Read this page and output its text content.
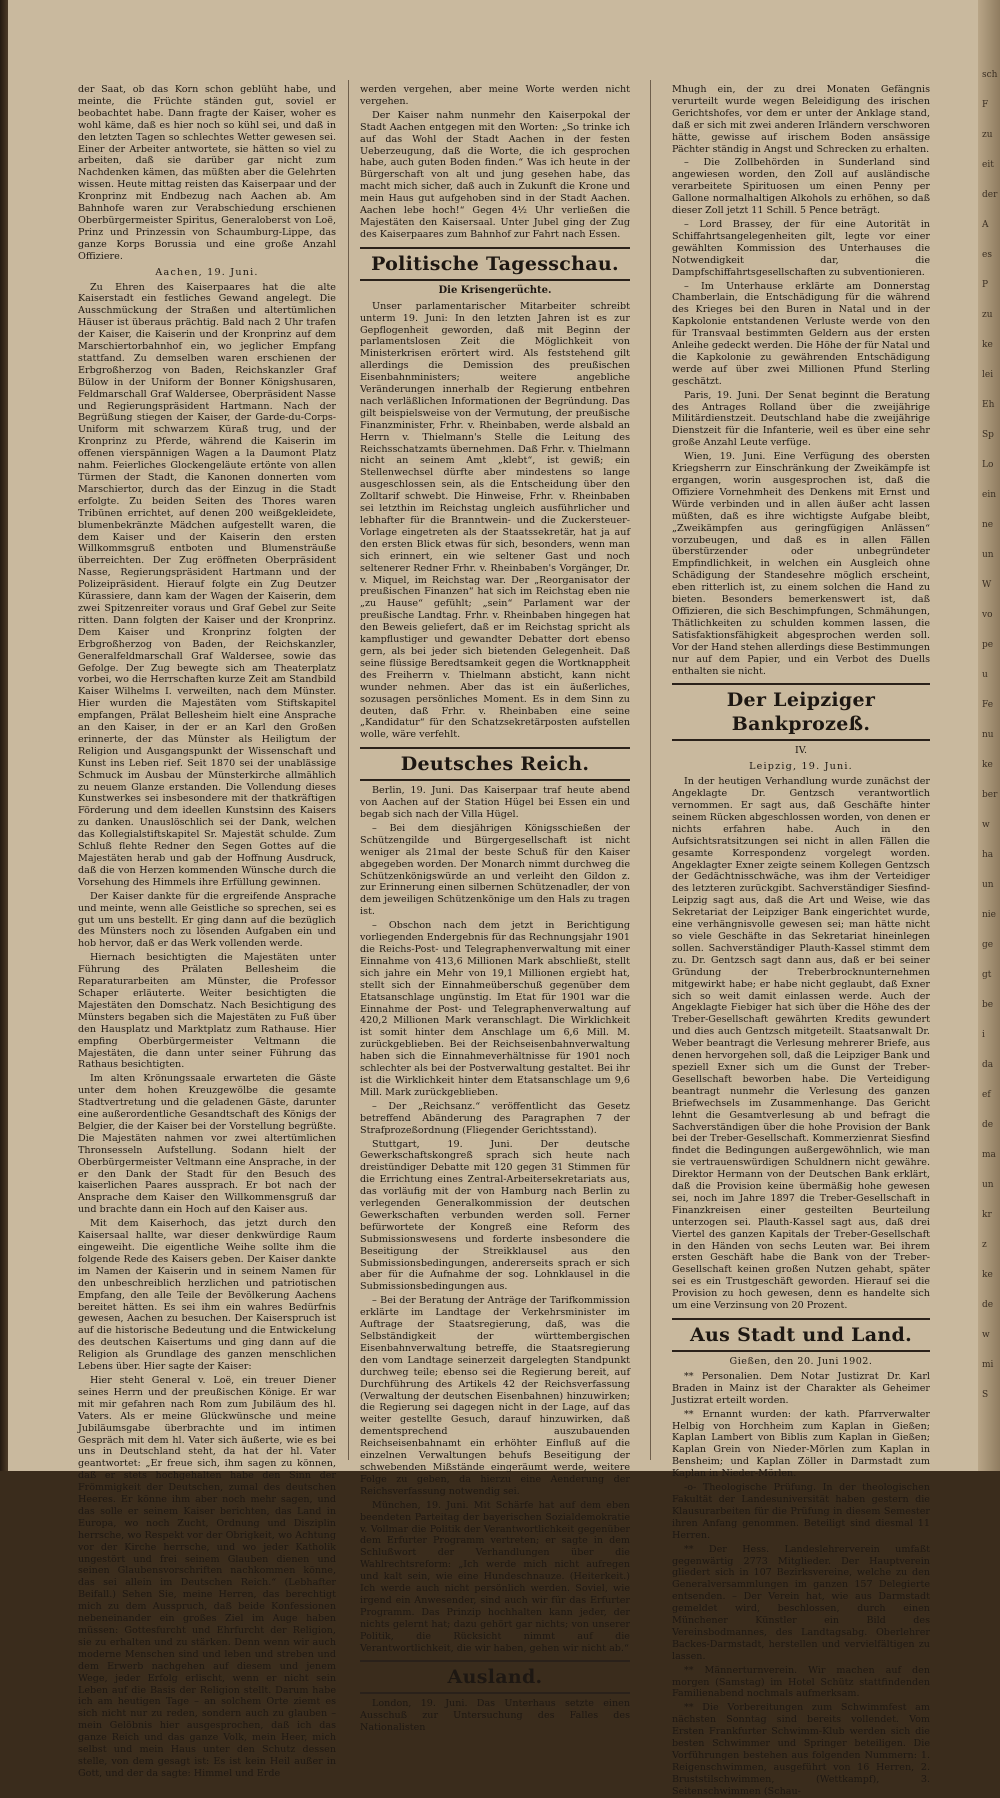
der Saat, ob das Korn schon geblüht habe, und meinte, die Früchte ständen gut, soviel er beobachtet habe. Dann fragte der Kaiser, woher es wohl käme, daß es hier noch so kühl sei, und daß in den letzten Tagen so schlechtes Wetter gewesen sei. Einer der Arbeiter antwortete, sie hätten so viel zu arbeiten, daß sie darüber gar nicht zum Nachdenken kämen, das müßten aber die Gelehrten wissen. Heute mittag reisten das Kaiserpaar und der Kronprinz mit Endbezug nach Aachen ab. Am Bahnhofe waren zur Verabschiedung erschienen Oberbürgermeister Spiritus, Generaloberst von Loë, Prinz und Prinzessin von Schaumburg-Lippe, das ganze Korps Borussia und eine große Anzahl Offiziere.

Aachen, 19. Juni.

Zu Ehren des Kaiserpaares hat die alte Kaiserstadt ein festliches Gewand angelegt. Die Ausschmückung der Straßen und altertümlichen Häuser ist überaus prächtig. Bald nach 2 Uhr trafen der Kaiser, die Kaiserin und der Kronprinz auf dem Marschiertorbahnhof ein, wo jeglicher Empfang stattfand. Zu demselben waren erschienen der Erbgroßherzog von Baden, Reichskanzler Graf Bülow in der Uniform der Bonner Königshusaren, Feldmarschall Graf Waldersee, Oberpräsident Nasse und Regierungspräsident Hartmann. Nach der Begrüßung stiegen der Kaiser, der Garde-du-Corps-Uniform mit schwarzem Küraß trug, und der Kronprinz zu Pferde, während die Kaiserin im offenen vierspännigen Wagen a la Daumont Platz nahm. Feierliches Glockengeläute ertönte von allen Türmen der Stadt, die Kanonen donnerten vom Marschiertor, durch das der Einzug in die Stadt erfolgte. Zu beiden Seiten des Thores waren Tribünen errichtet, auf denen 200 weißgekleidete, blumenbekränzte Mädchen aufgestellt waren, die dem Kaiser und der Kaiserin den ersten Willkommsgruß entboten und Blumensträuße überreichten. Der Zug eröffneten Oberpräsident Nasse, Regierungspräsident Hartmann und der Polizeipräsident. Hierauf folgte ein Zug Deutzer Kürassiere, dann kam der Wagen der Kaiserin, dem zwei Spitzenreiter voraus und Graf Gebel zur Seite ritten. Dann folgten der Kaiser und der Kronprinz. Dem Kaiser und Kronprinz folgten der Erbgroßherzog von Baden, der Reichskanzler, Generalfeldmarschall Graf Waldersee, sowie das Gefolge. Der Zug bewegte sich am Theaterplatz vorbei, wo die Herrschaften kurze Zeit am Standbild Kaiser Wilhelms I. verweilten, nach dem Münster. Hier wurden die Majestäten vom Stiftskapitel empfangen, Prälat Bellesheim hielt eine Ansprache an den Kaiser, in der er an Karl den Großen erinnerte, der das Münster als Heiligtum der Religion und Ausgangspunkt der Wissenschaft und Kunst ins Leben rief. Seit 1870 sei der unablässige Schmuck im Ausbau der Münsterkirche allmählich zu neuem Glanze erstanden. Die Vollendung dieses Kunstwerkes sei insbesondere mit der thatkräftigen Förderung und dem ideellen Kunstsinn des Kaisers zu danken. Unauslöschlich sei der Dank, welchen das Kollegialstiftskapitel Sr. Majestät schulde. Zum Schluß flehte Redner den Segen Gottes auf die Majestäten herab und gab der Hoffnung Ausdruck, daß die von Herzen kommenden Wünsche durch die Vorsehung des Himmels ihre Erfüllung gewinnen.

Der Kaiser dankte für die ergreifende Ansprache und meinte, wenn alle Geistliche so sprechen, sei es gut um uns bestellt. Er ging dann auf die bezüglich des Münsters noch zu lösenden Aufgaben ein und hob hervor, daß er das Werk vollenden werde.

Hiernach besichtigten die Majestäten unter Führung des Prälaten Bellesheim die Reparaturarbeiten am Münster, die Professor Schaper erläuterte. Weiter besichtigten die Majestäten den Domschatz. Nach Besichtigung des Münsters begaben sich die Majestäten zu Fuß über den Hausplatz und Marktplatz zum Rathause. Hier empfing Oberbürgermeister Veltmann die Majestäten, die dann unter seiner Führung das Rathaus besichtigten.

Im alten Krönungssaale erwarteten die Gäste unter dem hohen Kreuzgewölbe die gesamte Stadtvertretung und die geladenen Gäste, darunter eine außerordentliche Gesandtschaft des Königs der Belgier, die der Kaiser bei der Vorstellung begrüßte. Die Majestäten nahmen vor zwei altertümlichen Thronsesseln Aufstellung. Sodann hielt der Oberbürgermeister Veltmann eine Ansprache, in der er den Dank der Stadt für den Besuch des kaiserlichen Paares aussprach. Er bot nach der Ansprache dem Kaiser den Willkommensgruß dar und brachte dann ein Hoch auf den Kaiser aus.

Mit dem Kaiserhoch, das jetzt durch den Kaisersaal hallte, war dieser denkwürdige Raum eingeweiht. Die eigentliche Weihe sollte ihm die folgende Rede des Kaisers geben. Der Kaiser dankte im Namen der Kaiserin und in seinem Namen für den unbeschreiblich herzlichen und patriotischen Empfang, den alle Teile der Bevölkerung Aachens bereitet hätten. Es sei ihm ein wahres Bedürfnis gewesen, Aachen zu besuchen. Der Kaiserspruch ist auf die historische Bedeutung und die Entwickelung des deutschen Kaisertums und ging dann auf die Religion als Grundlage des ganzen menschlichen Lebens über. Hier sagte der Kaiser:

Hier steht General v. Loë, ein treuer Diener seines Herrn und der preußischen Könige. Er war mit mir gefahren nach Rom zum Jubiläum des hl. Vaters. Als er meine Glückwünsche und meine Jubiläumsgabe überbrachte und im intimen Gespräch mit dem hl. Vater sich äußerte, wie es bei uns in Deutschland steht, da hat der hl. Vater geantwortet: „Er freue sich, ihm sagen zu können, daß er stets hochgehalten habe den Sinn der Frömmigkeit der Deutschen, zumal des deutschen Heeres. Er könne ihm aber noch mehr sagen, und das solle er seinem Kaiser berichten, das Land in Europa, wo noch Zucht, Ordnung und Disziplin herrsche, wo Respekt vor der Obrigkeit, wo Achtung vor der Kirche herrsche, und wo jeder Katholik ungestört und frei seinem Glauben dienen und seinen Glaubensvorschriften nachkommen könne, das sei allein im Deutschen Reich.“ (Lebhafter Beifall.) Sehen Sie, meine Herren, das berechtigt mich zu dem Ausspruch, daß beide Konfessionen nebeneinander ein großes Ziel im Auge haben müssen: Gottesfurcht und Ehrfurcht der Religion, sie zu erhalten und zu stärken. Denn wenn wir auch moderne Menschen sind und leben und streben und dem Erwerb nachgehen auf diesem und jenem Wege, jeder Erfolg erlischt, wenn er nicht sein Leben auf die Basis der Religion stellt. Darum habe ich am heutigen Tage – an solchem Orte ziemt es sich nicht nur zu reden, sondern auch zu glauben – mein Gelöbnis hier ausgesprochen, daß ich das ganze Reich und das ganze Volk, mein Heer, mich selbst und mein Haus unter den Schutz dessen stelle, von dem gesagt ist: Es ist kein Heil außer in Gott, und der da sagte: Himmel und Erde

werden vergehen, aber meine Worte werden nicht vergehen.

Der Kaiser nahm nunmehr den Kaiserpokal der Stadt Aachen entgegen mit den Worten: „So trinke ich auf das Wohl der Stadt Aachen in der festen Ueberzeugung, daß die Worte, die ich gesprochen habe, auch guten Boden finden.“ Was ich heute in der Bürgerschaft von alt und jung gesehen habe, das macht mich sicher, daß auch in Zukunft die Krone und mein Haus gut aufgehoben sind in der Stadt Aachen. Aachen lebe hoch!“ Gegen 4½ Uhr verließen die Majestäten den Kaisersaal. Unter Jubel ging der Zug des Kaiserpaares zum Bahnhof zur Fahrt nach Essen.

Politische Tagesschau.
Die Krisengerüchte.

Unser parlamentarischer Mitarbeiter schreibt unterm 19. Juni: In den letzten Jahren ist es zur Gepflogenheit geworden, daß mit Beginn der parlamentslosen Zeit die Möglichkeit von Ministerkrisen erörtert wird. Als feststehend gilt allerdings die Demission des preußischen Eisenbahnministers; weitere angebliche Veränderungen innerhalb der Regierung entbehren nach verläßlichen Informationen der Begründung. Das gilt beispielsweise von der Vermutung, der preußische Finanzminister, Frhr. v. Rheinbaben, werde alsbald an Herrn v. Thielmann's Stelle die Leitung des Reichsschatzamts übernehmen. Daß Frhr. v. Thielmann nicht an seinem Amt „klebt“, ist gewiß; ein Stellenwechsel dürfte aber mindestens so lange ausgeschlossen sein, als die Entscheidung über den Zolltarif schwebt. Die Hinweise, Frhr. v. Rheinbaben sei letzthin im Reichstag ungleich ausführlicher und lebhafter für die Branntwein- und die Zuckersteuer-Vorlage eingetreten als der Staatssekretär, hat ja auf den ersten Blick etwas für sich, besonders, wenn man sich erinnert, ein wie seltener Gast und noch seltenerer Redner Frhr. v. Rheinbaben's Vorgänger, Dr. v. Miquel, im Reichstag war. Der „Reorganisator der preußischen Finanzen“ hat sich im Reichstag eben nie „zu Hause“ gefühlt; „sein“ Parlament war der preußische Landtag. Frhr. v. Rheinbaben hingegen hat den Beweis geliefert, daß er im Reichstag spricht als kampflustiger und gewandter Debatter dort ebenso gern, als bei jeder sich bietenden Gelegenheit. Daß seine flüssige Beredtsamkeit gegen die Wortknappheit des Freiherrn v. Thielmann absticht, kann nicht wunder nehmen. Aber das ist ein äußerliches, sozusagen persönliches Moment. Es in dem Sinn zu deuten, daß Frhr. v. Rheinbaben eine seine „Kandidatur“ für den Schatzsekretärposten aufstellen wolle, wäre verfehlt.

Deutsches Reich.

Berlin, 19. Juni. Das Kaiserpaar traf heute abend von Aachen auf der Station Hügel bei Essen ein und begab sich nach der Villa Hügel.

– Bei dem diesjährigen Königsschießen der Schützengilde und Bürgergesellschaft ist nicht weniger als 21mal der beste Schuß für den Kaiser abgegeben worden. Der Monarch nimmt durchweg die Schützenkönigswürde an und verleiht den Gildon z. zur Erinnerung einen silbernen Schützenadler, der von dem jeweiligen Schützenkönige um den Hals zu tragen ist.

– Obschon nach dem jetzt in Berichtigung vorliegenden Endergebnis für das Rechnungsjahr 1901 die Reichs-Post- und Telegraphenverwaltung mit einer Einnahme von 413,6 Millionen Mark abschließt, stellt sich jahre ein Mehr von 19,1 Millionen ergiebt hat, stellt sich der Einnahmeüberschuß gegenüber dem Etatsanschlage ungünstig. Im Etat für 1901 war die Einnahme der Post- und Telegraphenverwaltung auf 420,2 Millionen Mark veranschlagt. Die Wirklichkeit ist somit hinter dem Anschlage um 6,6 Mill. M. zurückgeblieben. Bei der Reichseisenbahnverwaltung haben sich die Einnahmeverhältnisse für 1901 noch schlechter als bei der Postverwaltung gestaltet. Bei ihr ist die Wirklichkeit hinter dem Etatsanschlage um 9,6 Mill. Mark zurückgeblieben.

– Der „Reichsanz.“ veröffentlicht das Gesetz betreffend Abänderung des Paragraphen 7 der Strafprozeßordnung (Fliegender Gerichtsstand).

Stuttgart, 19. Juni. Der deutsche Gewerkschaftskongreß sprach sich heute nach dreistündiger Debatte mit 120 gegen 31 Stimmen für die Errichtung eines Zentral-Arbeitersekretariats aus, das vorläufig mit der von Hamburg nach Berlin zu verlegenden Generalkommission der deutschen Gewerkschaften verbunden werden soll. Ferner befürwortete der Kongreß eine Reform des Submissionswesens und forderte insbesondere die Beseitigung der Streikklausel aus den Submissionsbedingungen, andererseits sprach er sich aber für die Aufnahme der sog. Lohnklausel in die Submissionsbedingungen aus.

– Bei der Beratung der Anträge der Tarifkommission erklärte im Landtage der Verkehrsminister im Auftrage der Staatsregierung, daß, was die Selbständigkeit der württembergischen Eisenbahnverwaltung betreffe, die Staatsregierung den vom Landtage seinerzeit dargelegten Standpunkt durchweg teile; ebenso sei die Regierung bereit, auf Durchführung des Artikels 42 der Reichsverfassung (Verwaltung der deutschen Eisenbahnen) hinzuwirken; die Regierung sei dagegen nicht in der Lage, auf das weiter gestellte Gesuch, darauf hinzuwirken, daß dementsprechend auszubauenden Reichseisenbahnamt ein erhöhter Einfluß auf die einzelnen Verwaltungen behufs Beseitigung der schwebenden Mißstände eingeräumt werde, weitere Folge zu geben, da hierzu eine Aenderung der Reichsverfassung notwendig sei.

München, 19. Juni. Mit Schärfe hat auf dem eben beendeten Parteitag der bayerischen Sozialdemokratie v. Vollmar die Politik der Verantwortlichkeit gegenüber dem Erfurter Programm vertreten; er sagte in dem Schlußwort der Verhandlungen über die Wahlrechtsreform: „Ich werde mich nicht aufregen und kalt sein, wie eine Hundeschnauze. (Heiterkeit.) Ich werde auch nicht persönlich werden. Soviel, wie irgend ein Anwesender, sind auch wir für das Erfurter Programm. Das Prinzip hochhalten kann jeder, der nichts gelernt hat; dazu gehört gar nichts; von unserer Politik, die Rücksicht nimmt auf die Verantwortlichkeit, die wir haben, gehen wir nicht ab.“

Ausland.

London, 19. Juni. Das Unterhaus setzte einen Ausschuß zur Untersuchung des Falles des Nationalisten

Mhugh ein, der zu drei Monaten Gefängnis verurteilt wurde wegen Beleidigung des irischen Gerichtshofes, vor dem er unter der Anklage stand, daß er sich mit zwei anderen Irländern verschworen hätte, gewisse auf irischem Boden ansässige Pächter ständig in Angst und Schrecken zu erhalten.

– Die Zollbehörden in Sunderland sind angewiesen worden, den Zoll auf ausländische verarbeitete Spirituosen um einen Penny per Gallone normalhaltigen Alkohols zu erhöhen, so daß dieser Zoll jetzt 11 Schill. 5 Pence beträgt.

– Lord Brassey, der für eine Autorität in Schiffahrtsangelegenheiten gilt, legte vor einer gewählten Kommission des Unterhauses die Notwendigkeit dar, die Dampfschiffahrtsgesellschaften zu subventionieren.

– Im Unterhause erklärte am Donnerstag Chamberlain, die Entschädigung für die während des Krieges bei den Buren in Natal und in der Kapkolonie entstandenen Verluste werde von den für Transvaal bestimmten Geldern aus der ersten Anleihe gedeckt werden. Die Höhe der für Natal und die Kapkolonie zu gewährenden Entschädigung werde auf über zwei Millionen Pfund Sterling geschätzt.

Paris, 19. Juni. Der Senat beginnt die Beratung des Antrages Rolland über die zweijährige Militärdienstzeit. Deutschland habe die zweijährige Dienstzeit für die Infanterie, weil es über eine sehr große Anzahl Leute verfüge.

Wien, 19. Juni. Eine Verfügung des obersten Kriegsherrn zur Einschränkung der Zweikämpfe ist ergangen, worin ausgesprochen ist, daß die Offiziere Vornehmheit des Denkens mit Ernst und Würde verbinden und in allen äußer acht lassen müßten, daß es ihre wichtigste Aufgabe bleibt, „Zweikämpfen aus geringfügigen Anlässen“ vorzubeugen, und daß es in allen Fällen überstürzender oder unbegründeter Empfindlichkeit, in welchen ein Ausgleich ohne Schädigung der Standesehre möglich erscheint, eben ritterlich ist, zu einem solchen die Hand zu bieten. Besonders bemerkenswert ist, daß Offizieren, die sich Beschimpfungen, Schmähungen, Thätlichkeiten zu schulden kommen lassen, die Satisfaktionsfähigkeit abgesprochen werden soll. Vor der Hand stehen allerdings diese Bestimmungen nur auf dem Papier, und ein Verbot des Duells enthalten sie nicht.

Der Leipziger Bankprozeß.
IV.
Leipzig, 19. Juni.

In der heutigen Verhandlung wurde zunächst der Angeklagte Dr. Gentzsch verantwortlich vernommen. Er sagt aus, daß Geschäfte hinter seinem Rücken abgeschlossen worden, von denen er nichts erfahren habe. Auch in den Aufsichtsratsitzungen sei nicht in allen Fällen die gesamte Korrespondenz vorgelegt worden. Angeklagter Exner zeigte seinem Kollegen Gentzsch der Gedächtnisschwäche, was ihm der Verteidiger des letzteren zurückgibt. Sachverständiger Siesfind-Leipzig sagt aus, daß die Art und Weise, wie das Sekretariat der Leipziger Bank eingerichtet wurde, eine verhängnisvolle gewesen sei; man hätte nicht so viele Geschäfte in das Sekretariat hineinlegen sollen. Sachverständiger Plauth-Kassel stimmt dem zu. Dr. Gentzsch sagt dann aus, daß er bei seiner Gründung der Treberbrocknunternehmen mitgewirkt habe; er habe nicht geglaubt, daß Exner sich so weit damit einlassen werde. Auch der Angeklagte Fiebiger hat sich über die Höhe des der Treber-Gesellschaft gewährten Kredits gewundert und dies auch Gentzsch mitgeteilt. Staatsanwalt Dr. Weber beantragt die Verlesung mehrerer Briefe, aus denen hervorgehen soll, daß die Leipziger Bank und speziell Exner sich um die Gunst der Treber-Gesellschaft beworben habe. Die Verteidigung beantragt nunmehr die Verlesung des ganzen Briefwechsels im Zusammenhange. Das Gericht lehnt die Gesamtverlesung ab und befragt die Sachverständigen über die hohe Provision der Bank bei der Treber-Gesellschaft. Kommerzienrat Siesfind findet die Bedingungen außergewöhnlich, wie man sie vertrauenswürdigen Schuldnern nicht gewähre. Direktor Hermann von der Deutschen Bank erklärt, daß die Provision keine übermäßig hohe gewesen sei, noch im Jahre 1897 die Treber-Gesellschaft in Finanzkreisen einer gesteilten Beurteilung unterzogen sei. Plauth-Kassel sagt aus, daß drei Viertel des ganzen Kapitals der Treber-Gesellschaft in den Händen von sechs Leuten war. Bei ihrem ersten Geschäft habe die Bank von der Treber-Gesellschaft keinen großen Nutzen gehabt, später sei es ein Trustgeschäft geworden. Hierauf sei die Provision zu hoch gewesen, denn es handelte sich um eine Verzinsung von 20 Prozent.

Aus Stadt und Land.
Gießen, den 20. Juni 1902.

** Personalien. Dem Notar Justizrat Dr. Karl Braden in Mainz ist der Charakter als Geheimer Justizrat erteilt worden.

** Ernannt wurden: der kath. Pfarrverwalter Helbig von Horchheim zum Kaplan in Gießen; Kaplan Lambert von Biblis zum Kaplan in Gießen; Kaplan Grein von Nieder-Mörlen zum Kaplan in Bensheim; und Kaplan Zöller in Darmstadt zum Kaplan in Nieder-Mörlen.

-o- Theologische Prüfung. In der theologischen Fakultät der Landesuniversität haben gestern die Klausurarbeiten für die Prüfung in diesem Semester ihren Anfang genommen. Beteiligt sind diesmal 11 Herren.

** Der Hess. Landeslehrerverein umfaßt gegenwärtig 2773 Mitglieder. Der Hauptverein gliedert sich in 107 Bezirksvereine, welche zu den Generalversammlungen im ganzen 157 Delegierte entsenden. – Der Verein hat, wie aus Darmstadt gemeldet wird, beschlossen, durch einen Münchener Künstler ein Bild des Vereinsbodmannes, des Landtagsabg. Oberlehrer Backes-Darmstadt, herstellen und vervielfältigen zu lassen.

** Männerturnverein. Wir machen auf den morgen (Samstag) im Hotel Schütz stattfindenden Familienabend nochmals aufmerksam.

** Die Vorbereitungen zum Schwimmfest am nächsten Sonntag sind bereits vollendet. Vom Ersten Frankfurter Schwimm-Klub werden sich die besten Schwimmer und Springer beteiligen. Die Vorführungen bestehen aus folgenden Nummern: 1. Reigenschwimmen, ausgeführt von 16 Herren, 2. Bruststilschwimmen, (Wettkampf), 3. Seitenschwimmen (Schau-

sch
F
zu
eit
der
A
es
P
zu
ke
lei
Eh
Sp
Lo
ein
ne
un
W
vo
pe
u
Fe
nu
ke
ber
w
ha
un
nie
ge
gt
be
i
da
ef
de
ma
un
kr
z
ke
de
w
mi
S
